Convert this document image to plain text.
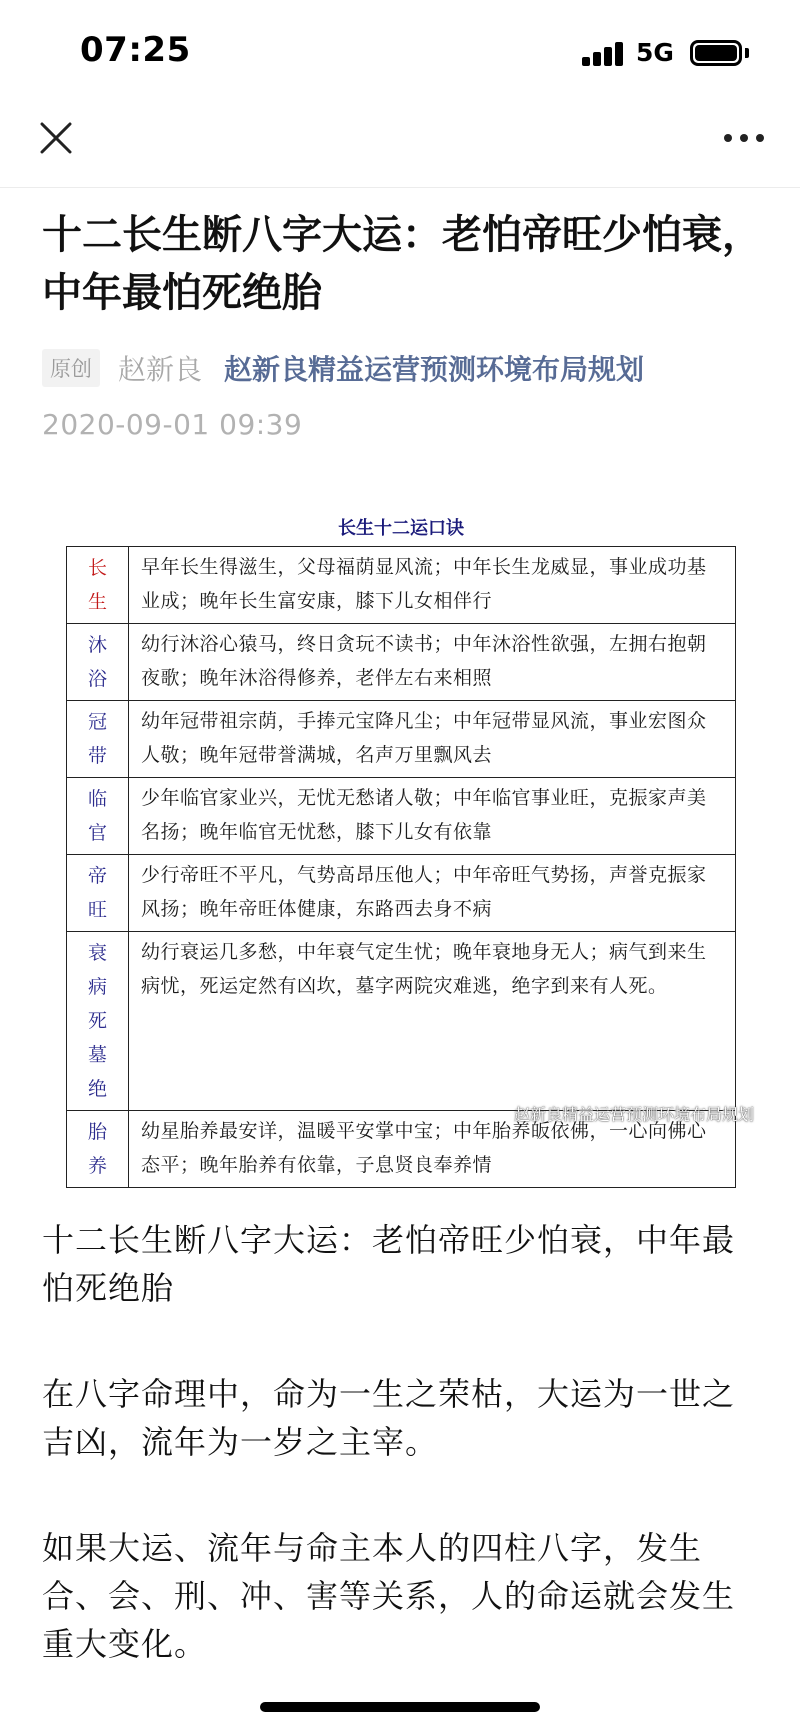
07:25	5G
十二长生断八字大运：老怕帝旺少怕衰，中年最怕死绝胎
原创 赵新良 赵新良精益运营预测环境布局规划
2020-09-01 09:39
长生十二运口诀
长
生	早年长生得滋生，父母福荫显风流；中年长生龙威显，事业成功基业成；晚年长生富安康，膝下儿女相伴行

沐
浴	幼行沐浴心猿马，终日贪玩不读书；中年沐浴性欲强，左拥右抱朝夜歌；晚年沐浴得修养，老伴左右来相照

冠
带	幼年冠带祖宗荫，手捧元宝降凡尘；中年冠带显风流，事业宏图众人敬；晚年冠带誉满城，名声万里飘风去

临
官	少年临官家业兴，无忧无愁诸人敬；中年临官事业旺，克振家声美名扬；晚年临官无忧愁，膝下儿女有依靠

帝
旺	少行帝旺不平凡，气势高昂压他人；中年帝旺气势扬，声誉克振家风扬；晚年帝旺体健康，东路西去身不病

衰
病
死
墓
绝	幼行衰运几多愁，中年衰气定生忧；晚年衰地身无人；病气到来生病忧，死运定然有凶坎，墓字两院灾难逃，绝字到来有人死。

胎
养	幼星胎养最安详，温暖平安掌中宝；中年胎养皈依佛，一心向佛心态平；晚年胎养有依靠，子息贤良奉养情
赵新良精益运营预测环境布局规划

十二长生断八字大运：老怕帝旺少怕衰，中年最怕死绝胎

在八字命理中，命为一生之荣枯，大运为一世之吉凶，流年为一岁之主宰。

如果大运、流年与命主本人的四柱八字，发生合、会、刑、冲、害等关系，人的命运就会发生重大变化。
